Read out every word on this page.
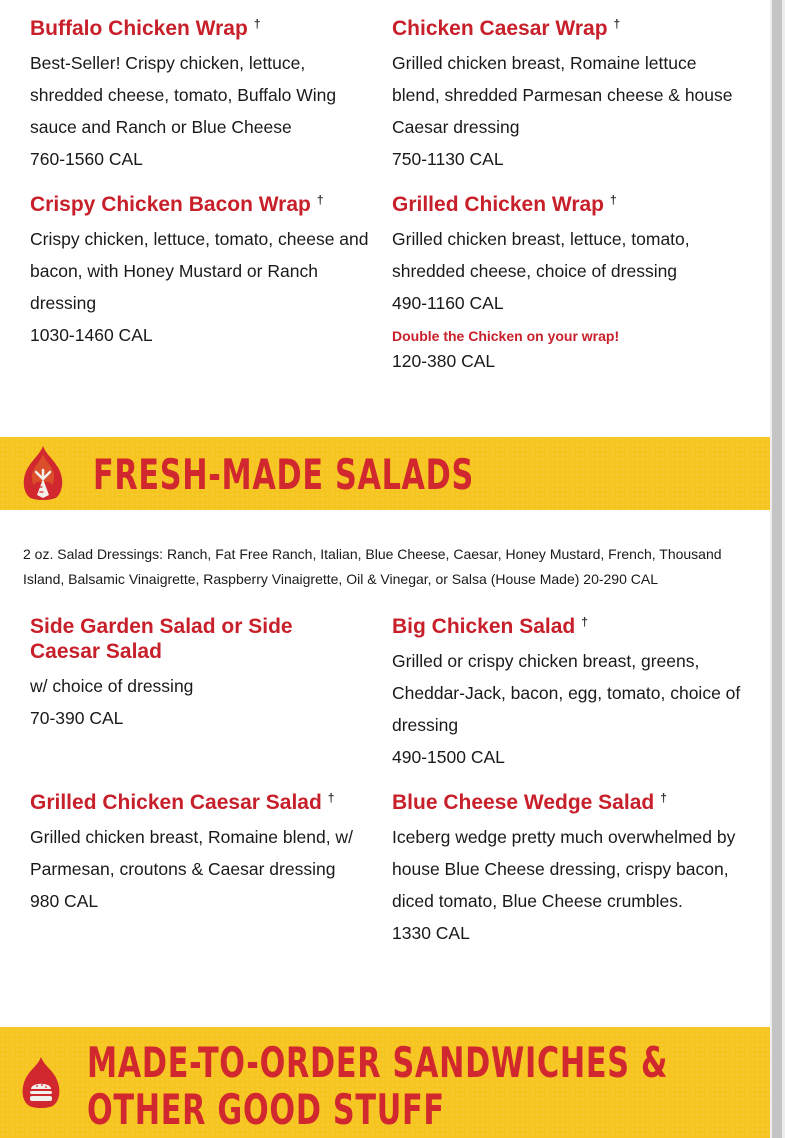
Buffalo Chicken Wrap †

Best-Seller! Crispy chicken, lettuce, shredded cheese, tomato, Buffalo Wing sauce and Ranch or Blue Cheese

760-1560 CAL

Chicken Caesar Wrap †

Grilled chicken breast, Romaine lettuce blend, shredded Parmesan cheese & house Caesar dressing

750-1130 CAL

Crispy Chicken Bacon Wrap †

Crispy chicken, lettuce, tomato, cheese and bacon, with Honey Mustard or Ranch dressing

1030-1460 CAL

Grilled Chicken Wrap †

Grilled chicken breast, lettuce, tomato, shredded cheese, choice of dressing

490-1160 CAL

Double the Chicken on your wrap!

120-380 CAL

FRESH-MADE SALADS

2 oz. Salad Dressings: Ranch, Fat Free Ranch, Italian, Blue Cheese, Caesar, Honey Mustard, French, Thousand Island, Balsamic Vinaigrette, Raspberry Vinaigrette, Oil & Vinegar, or Salsa (House Made) 20-290 CAL

Side Garden Salad or Side Caesar Salad

w/ choice of dressing

70-390 CAL

Big Chicken Salad †

Grilled or crispy chicken breast, greens, Cheddar-Jack, bacon, egg, tomato, choice of dressing

490-1500 CAL

Grilled Chicken Caesar Salad †

Grilled chicken breast, Romaine blend, w/ Parmesan, croutons & Caesar dressing

980 CAL

Blue Cheese Wedge Salad †

Iceberg wedge pretty much overwhelmed by house Blue Cheese dressing, crispy bacon, diced tomato, Blue Cheese crumbles.

1330 CAL

MADE-TO-ORDER SANDWICHES & OTHER GOOD STUFF
